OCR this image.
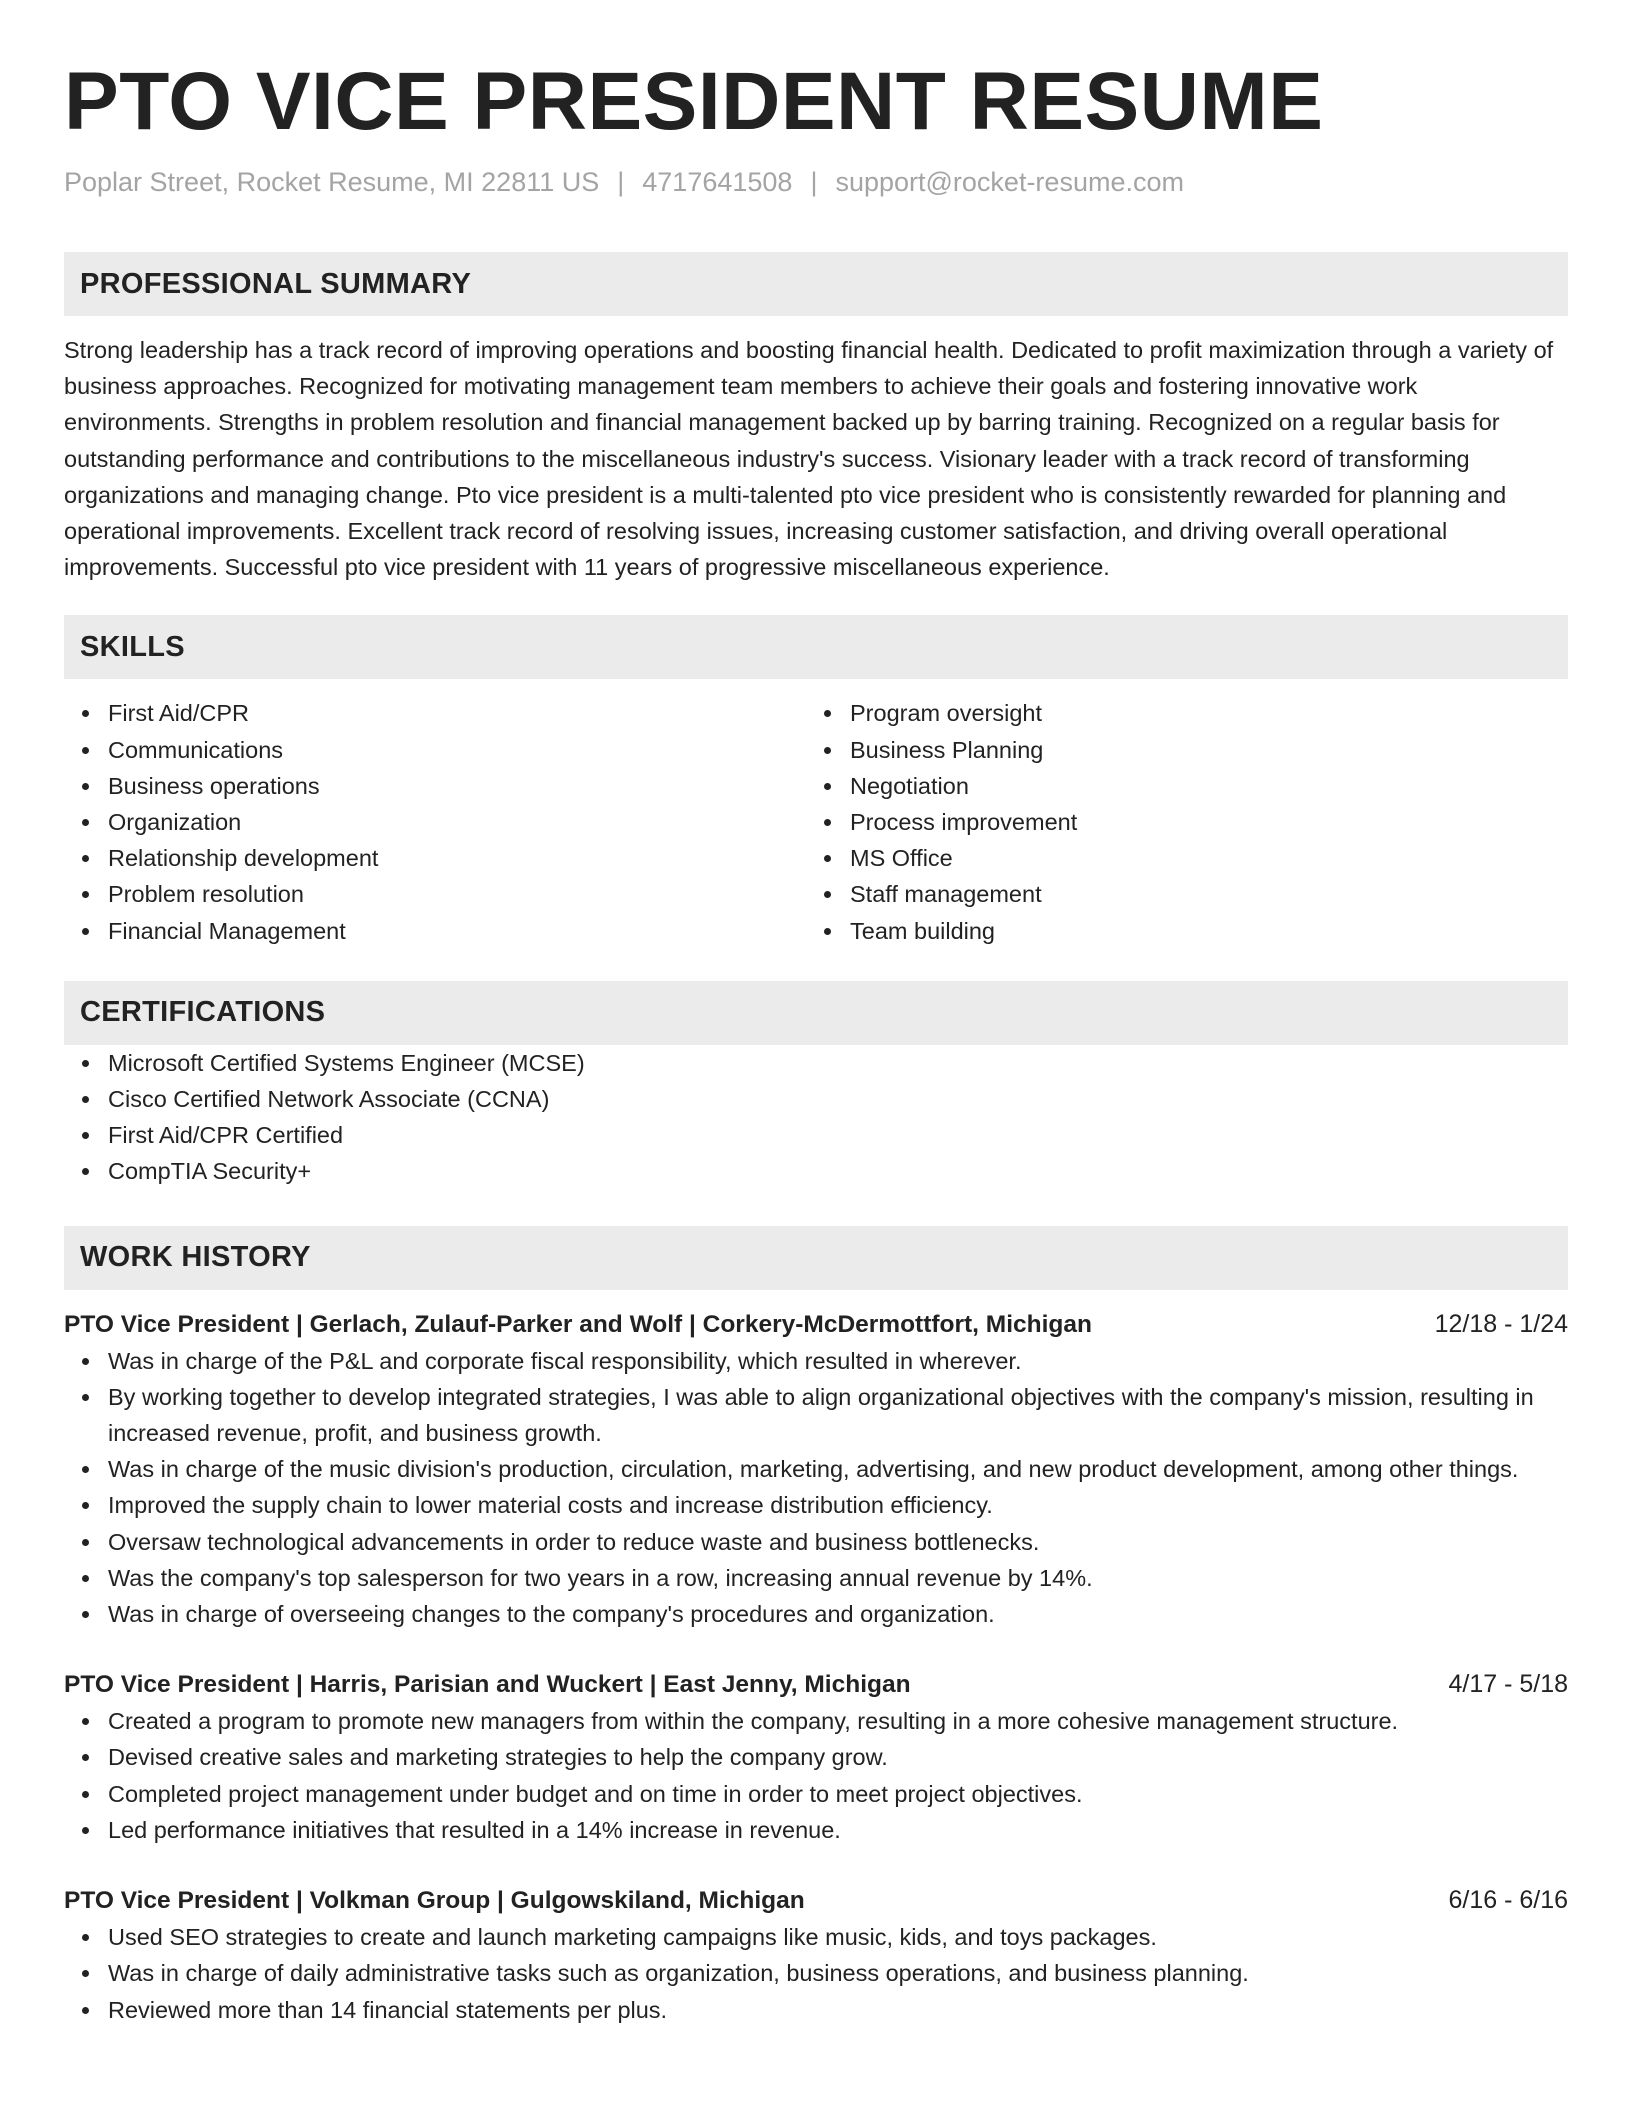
PTO VICE PRESIDENT RESUME
Poplar Street, Rocket Resume, MI 22811 US | 4717641508 | support@rocket-resume.com
PROFESSIONAL SUMMARY

Strong leadership has a track record of improving operations and boosting financial health. Dedicated to profit maximization through a variety of business approaches. Recognized for motivating management team members to achieve their goals and fostering innovative work environments. Strengths in problem resolution and financial management backed up by barring training. Recognized on a regular basis for outstanding performance and contributions to the miscellaneous industry's success. Visionary leader with a track record of transforming organizations and managing change. Pto vice president is a multi-talented pto vice president who is consistently rewarded for planning and operational improvements. Excellent track record of resolving issues, increasing customer satisfaction, and driving overall operational improvements. Successful pto vice president with 11 years of progressive miscellaneous experience.

SKILLS
First Aid/CPR
Communications
Business operations
Organization
Relationship development
Problem resolution
Financial Management
Program oversight
Business Planning
Negotiation
Process improvement
MS Office
Staff management
Team building
CERTIFICATIONS
Microsoft Certified Systems Engineer (MCSE)
Cisco Certified Network Associate (CCNA)
First Aid/CPR Certified
CompTIA Security+
WORK HISTORY
PTO Vice President | Gerlach, Zulauf-Parker and Wolf | Corkery-McDermottfort, Michigan	12/18 - 1/24
Was in charge of the P&L and corporate fiscal responsibility, which resulted in wherever.
By working together to develop integrated strategies, I was able to align organizational objectives with the company's mission, resulting in increased revenue, profit, and business growth.
Was in charge of the music division's production, circulation, marketing, advertising, and new product development, among other things.
Improved the supply chain to lower material costs and increase distribution efficiency.
Oversaw technological advancements in order to reduce waste and business bottlenecks.
Was the company's top salesperson for two years in a row, increasing annual revenue by 14%.
Was in charge of overseeing changes to the company's procedures and organization.
PTO Vice President | Harris, Parisian and Wuckert | East Jenny, Michigan	4/17 - 5/18
Created a program to promote new managers from within the company, resulting in a more cohesive management structure.
Devised creative sales and marketing strategies to help the company grow.
Completed project management under budget and on time in order to meet project objectives.
Led performance initiatives that resulted in a 14% increase in revenue.
PTO Vice President | Volkman Group | Gulgowskiland, Michigan	6/16 - 6/16
Used SEO strategies to create and launch marketing campaigns like music, kids, and toys packages.
Was in charge of daily administrative tasks such as organization, business operations, and business planning.
Reviewed more than 14 financial statements per plus.
